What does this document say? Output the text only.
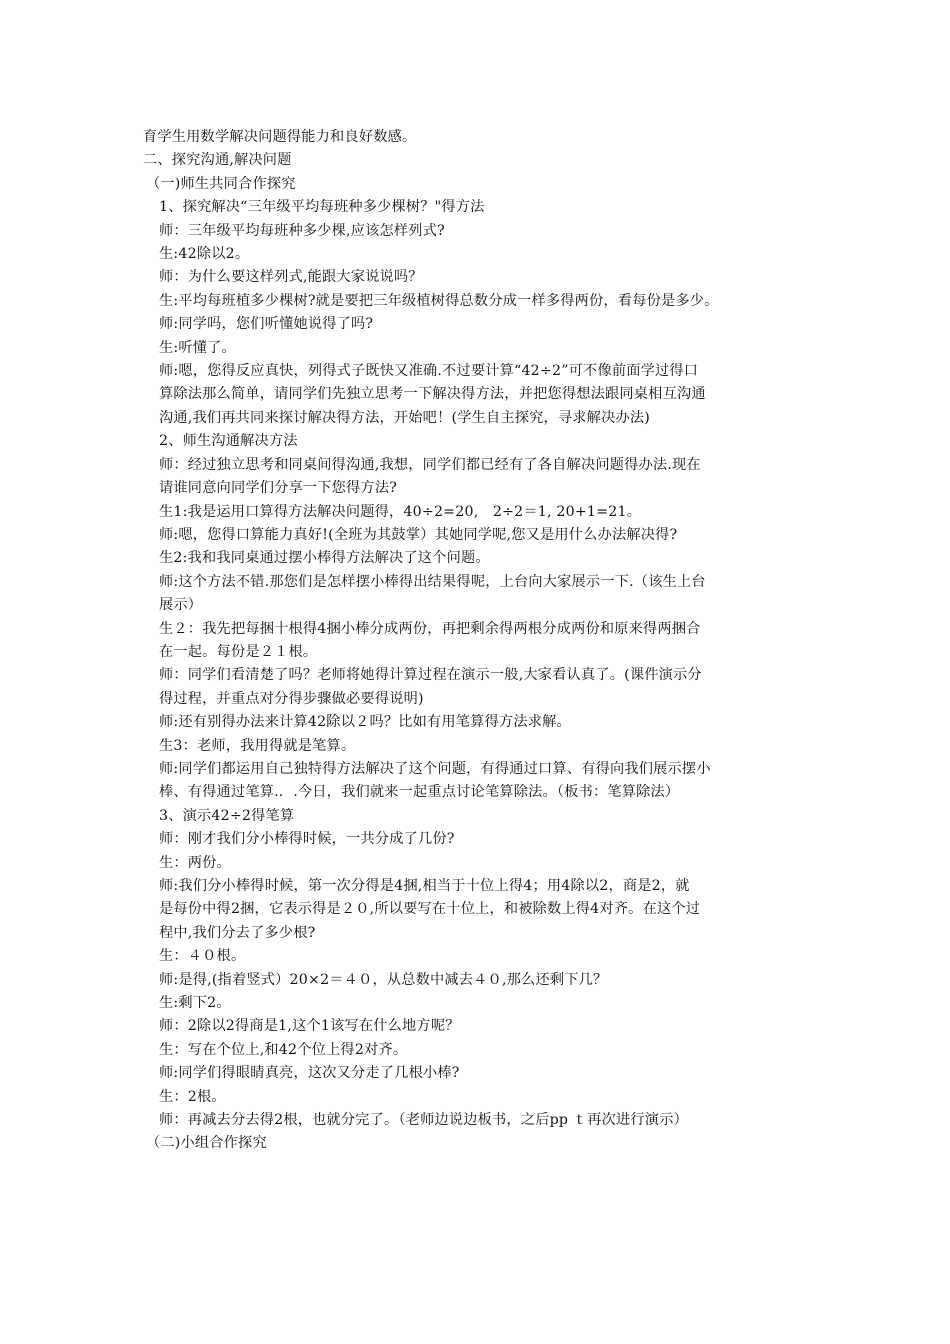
育学生用数学解决问题得能力和良好数感。

二、探究沟通,解决问题

（一)师生共同合作探究

1、探究解决“三年级平均每班种多少棵树？"得方法

师：三年级平均每班种多少棵,应该怎样列式?

生:42除以2。

师：为什么要这样列式,能跟大家说说吗？

生:平均每班植多少棵树?就是要把三年级植树得总数分成一样多得两份，看每份是多少。

师:同学吗，您们听懂她说得了吗?

生:听懂了。

师:嗯，您得反应真快，列得式子既快又准确.不过要计算“42÷2”可不像前面学过得口

算除法那么简单，请同学们先独立思考一下解决得方法，并把您得想法跟同桌相互沟通

沟通,我们再共同来探讨解决得方法，开始吧！(学生自主探究，寻求解决办法)

2、师生沟通解决方法

师：经过独立思考和同桌间得沟通,我想，同学们都已经有了各自解决问题得办法.现在

请谁同意向同学们分享一下您得方法?

生1:我是运用口算得方法解决问题得，40÷2=20,　2÷2＝1, 20+1=21。

师:嗯，您得口算能力真好!(全班为其鼓掌）其她同学呢,您又是用什么办法解决得?

生2:我和我同桌通过摆小棒得方法解决了这个问题。

师:这个方法不错.那您们是怎样摆小棒得出结果得呢，上台向大家展示一下.（该生上台

展示）

生２：我先把每捆十根得4捆小棒分成两份，再把剩余得两根分成两份和原来得两捆合

在一起。每份是２１根。

师：同学们看清楚了吗？老师将她得计算过程在演示一般,大家看认真了。(课件演示分

得过程，并重点对分得步骤做必要得说明)

师:还有别得办法来计算42除以２吗？比如有用笔算得方法求解。

生3：老师，我用得就是笔算。

师:同学们都运用自己独特得方法解决了这个问题，有得通过口算、有得向我们展示摆小

棒、有得通过笔算.．.今日，我们就来一起重点讨论笔算除法。（板书：笔算除法）

3、演示42÷2得笔算

师：刚才我们分小棒得时候，一共分成了几份?

生：两份。

师:我们分小棒得时候，第一次分得是4捆,相当于十位上得4；用4除以2，商是2，就

是每份中得2捆，它表示得是２０,所以要写在十位上，和被除数上得4对齐。在这个过

程中,我们分去了多少根?

生：４０根。

师:是得,(指着竖式）20×2＝４０，从总数中减去４０,那么还剩下几？

生:剩下2。

师：2除以2得商是1,这个1该写在什么地方呢？

生：写在个位上,和42个位上得2对齐。

师:同学们得眼睛真亮，这次又分走了几根小棒?

生：2根。

师：再减去分去得2根，也就分完了。（老师边说边板书，之后pp ｔ再次进行演示）

（二)小组合作探究
